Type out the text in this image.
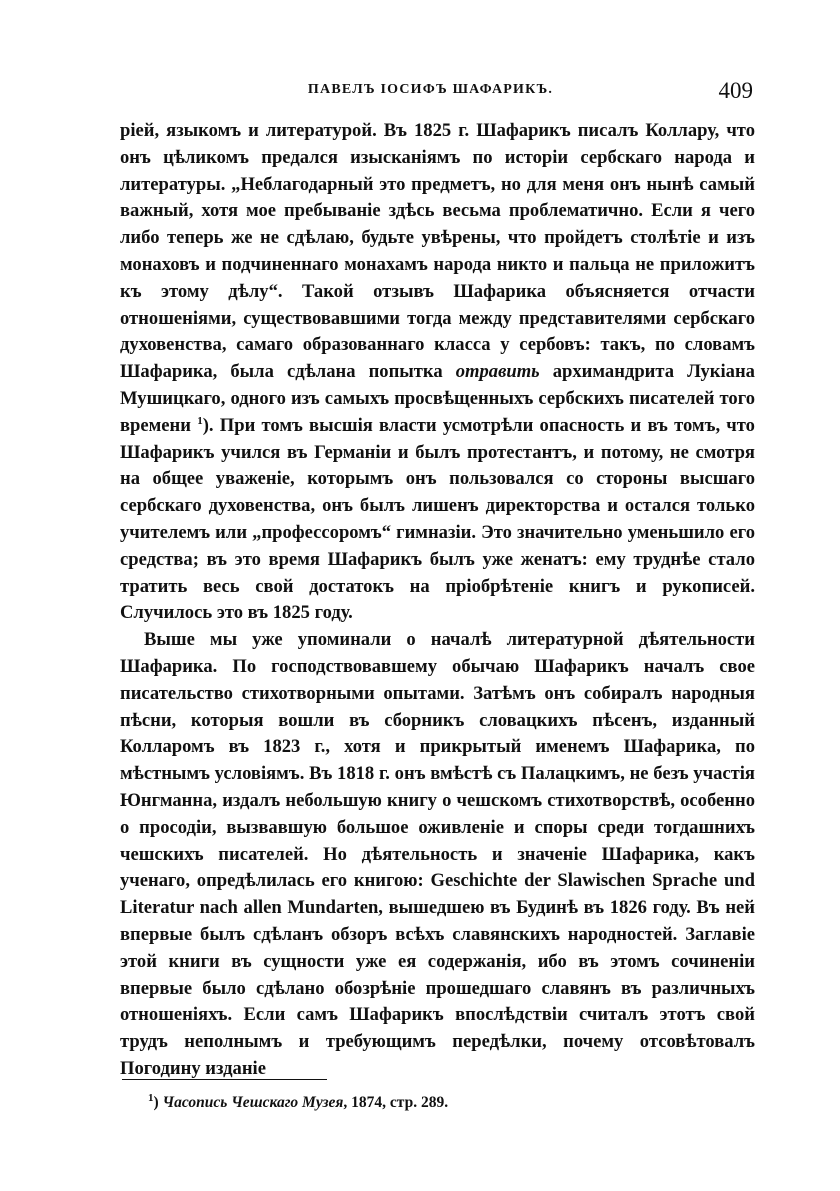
ПАВЕЛЪ ІОСИФЪ ШАФАРИКЪ.	409

ріей, языкомъ и литературой. Въ 1825 г. Шафарикъ писалъ Коллару, что онъ цѣликомъ предался изысканіямъ по исторіи сербскаго народа и литературы. „Неблагодарный это предметъ, но для меня онъ нынѣ самый важный, хотя мое пребываніе здѣсь весьма проблематично. Если я чего либо теперь же не сдѣлаю, будьте увѣрены, что пройдетъ столѣтіе и изъ монаховъ и подчиненнаго монахамъ народа никто и пальца не приложитъ къ этому дѣлу“. Такой отзывъ Шафарика объясняется отчасти отношеніями, существовавшими тогда между представителями сербскаго духовенства, самаго образованнаго класса у сербовъ: такъ, по словамъ Шафарика, была сдѣлана попытка отравить архимандрита Лукіана Мушицкаго, одного изъ самыхъ просвѣщенныхъ сербскихъ писателей того времени $^1$). При томъ высшія власти усмотрѣли опасность и въ томъ, что Шафарикъ учился въ Германіи и былъ протестантъ, и потому, не смотря на общее уваженіе, которымъ онъ пользовался со стороны высшаго сербскаго духовенства, онъ былъ лишенъ директорства и остался только учителемъ или „профессоромъ“ гимназіи. Это значительно уменьшило его средства; въ это время Шафарикъ былъ уже женатъ: ему труднѣе стало тратить весь свой достатокъ на пріобрѣтеніе книгъ и рукописей. Случилось это въ 1825 году.

Выше мы уже упоминали о началѣ литературной дѣятельности Шафарика. По господствовавшему обычаю Шафарикъ началъ свое писательство стихотворными опытами. Затѣмъ онъ собиралъ народныя пѣсни, которыя вошли въ сборникъ словацкихъ пѣсенъ, изданный Колларомъ въ 1823 г., хотя и прикрытый именемъ Шафарика, по мѣстнымъ условіямъ. Въ 1818 г. онъ вмѣстѣ съ Палацкимъ, не безъ участія Юнгманна, издалъ небольшую книгу о чешскомъ стихотворствѣ, особенно о просодіи, вызвавшую большое оживленіе и споры среди тогдашнихъ чешскихъ писателей. Но дѣятельность и значеніе Шафарика, какъ ученаго, опредѣлилась его книгою: Geschichte der Slawischen Sprache und Literatur nach allen Mundarten, вышедшею въ Будинѣ въ 1826 году. Въ ней впервые былъ сдѣланъ обзоръ всѣхъ славянскихъ народностей. Заглавіе этой книги въ сущности уже ея содержанія, ибо въ этомъ сочиненіи впервые было сдѣлано обозрѣніе прошедшаго славянъ въ различныхъ отношеніяхъ. Если самъ Шафарикъ впослѣдствіи считалъ этотъ свой трудъ неполнымъ и требующимъ передѣлки, почему отсовѣтовалъ Погодину изданіе

$^1$) Часопись Чешскаго Музея, 1874, стр. 289.
